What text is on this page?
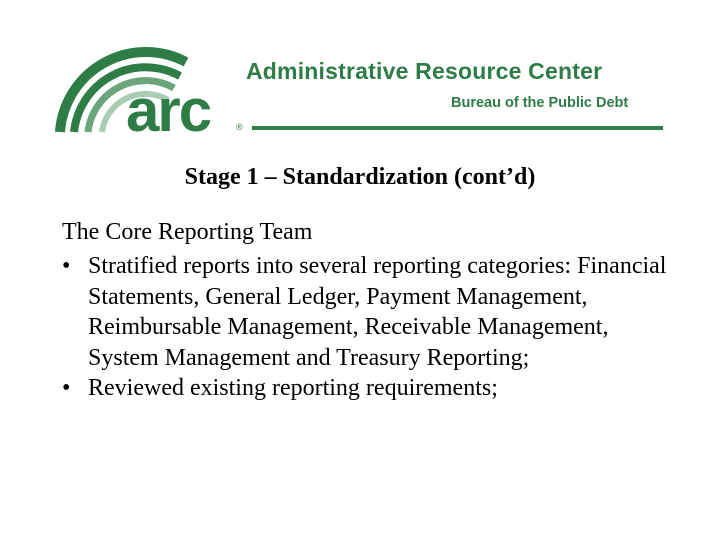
arc	®
Administrative Resource Center
Bureau of the Public Debt
Stage 1 – Standardization (cont’d)
The Core Reporting Team
• Stratified reports into several reporting categories: Financial Statements, General Ledger, Payment Management, Reimbursable Management, Receivable Management, System Management and Treasury Reporting;
• Reviewed existing reporting requirements;
